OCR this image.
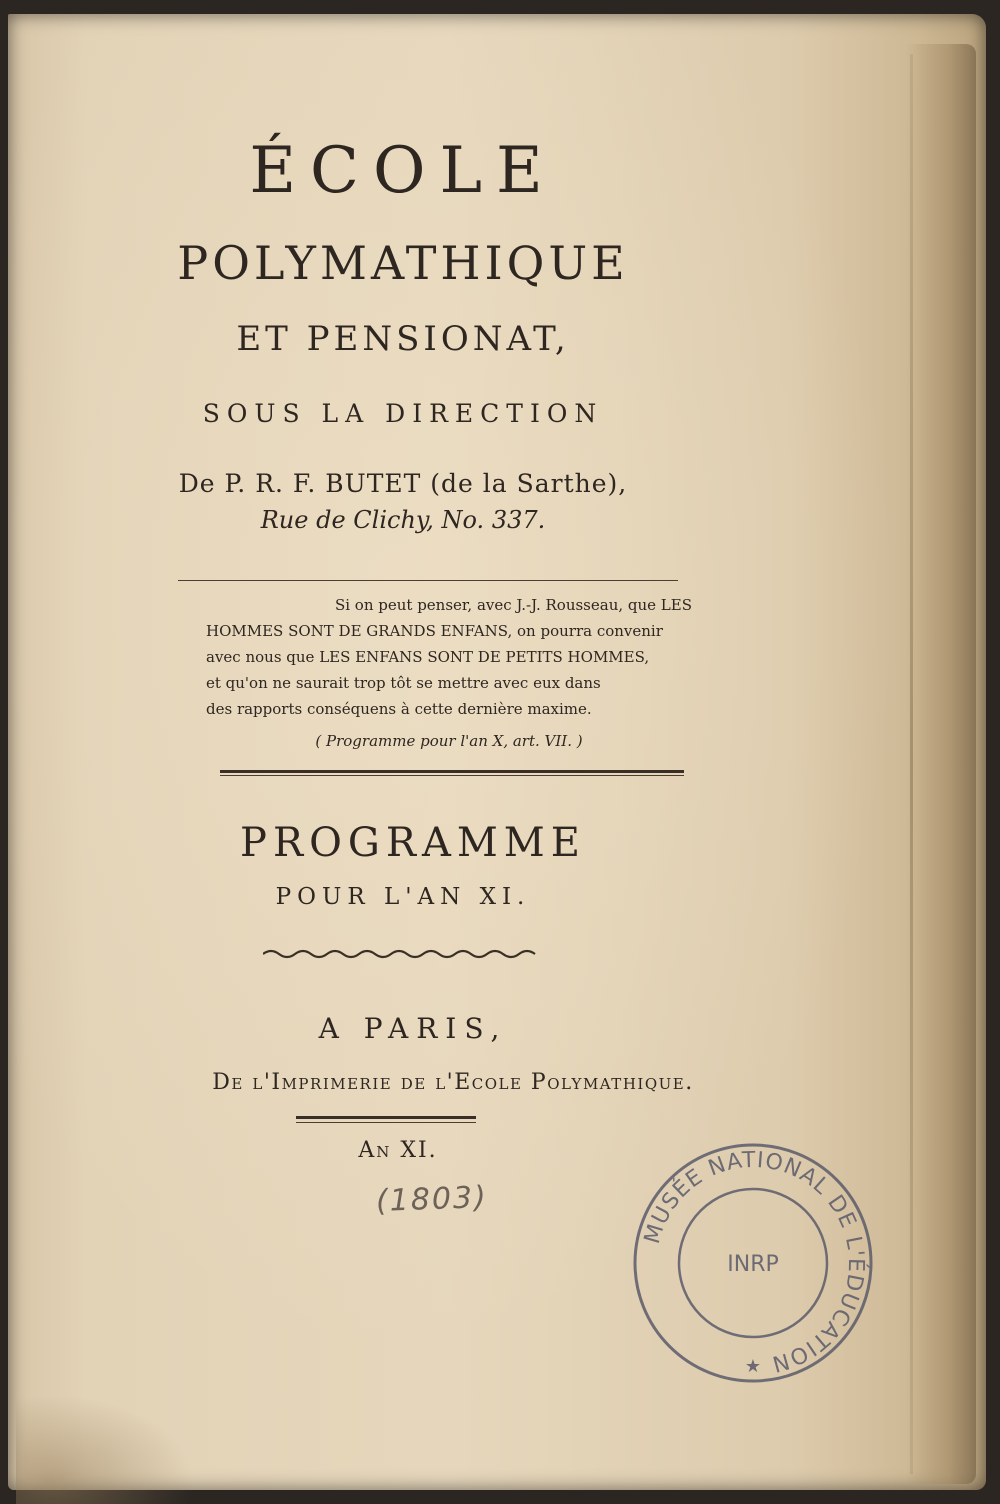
ÉCOLE
POLYMATHIQUE
ET PENSIONAT,
SOUS LA DIRECTION
De P. R. F. BUTET (de la Sarthe),
Rue de Clichy, No. 337.
Si on peut penser, avec J.-J. Rousseau, que LES
HOMMES SONT DE GRANDS ENFANS, on pourra convenir
avec nous que LES ENFANS SONT DE PETITS HOMMES,
et qu'on ne saurait trop tôt se mettre avec eux dans
des rapports conséquens à cette dernière maxime.
( Programme pour l'an X, art. VII. )
PROGRAMME
POUR L'AN XI.
A PARIS,
De l'Imprimerie de l'Ecole Polymathique.
An XI.
(1803)
MUSÉE NATIONAL DE L'ÉDUCATION
INRP
★
